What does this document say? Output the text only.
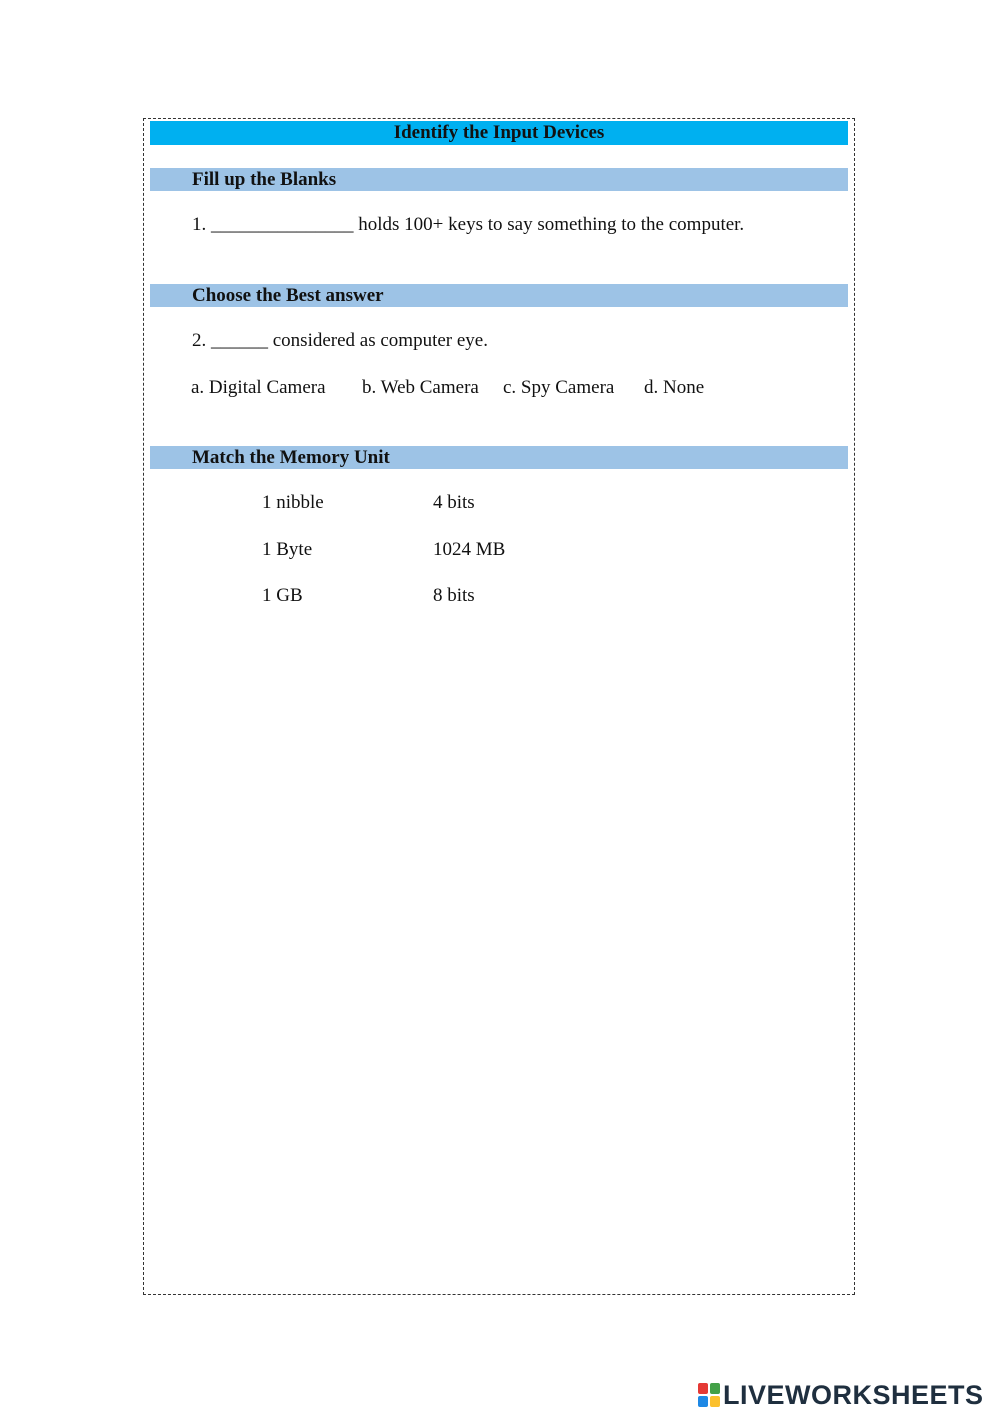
Identify the Input Devices
Fill up the Blanks
1. _______________ holds 100+ keys to say something to the computer.
Choose the Best answer
2. ______ considered as computer eye.
a. Digital Camera b. Web Camera c. Spy Camera d. None
Match the Memory Unit
1 nibble	4 bits
1 Byte	1024 MB
1 GB	8 bits
LIVEWORKSHEETS
